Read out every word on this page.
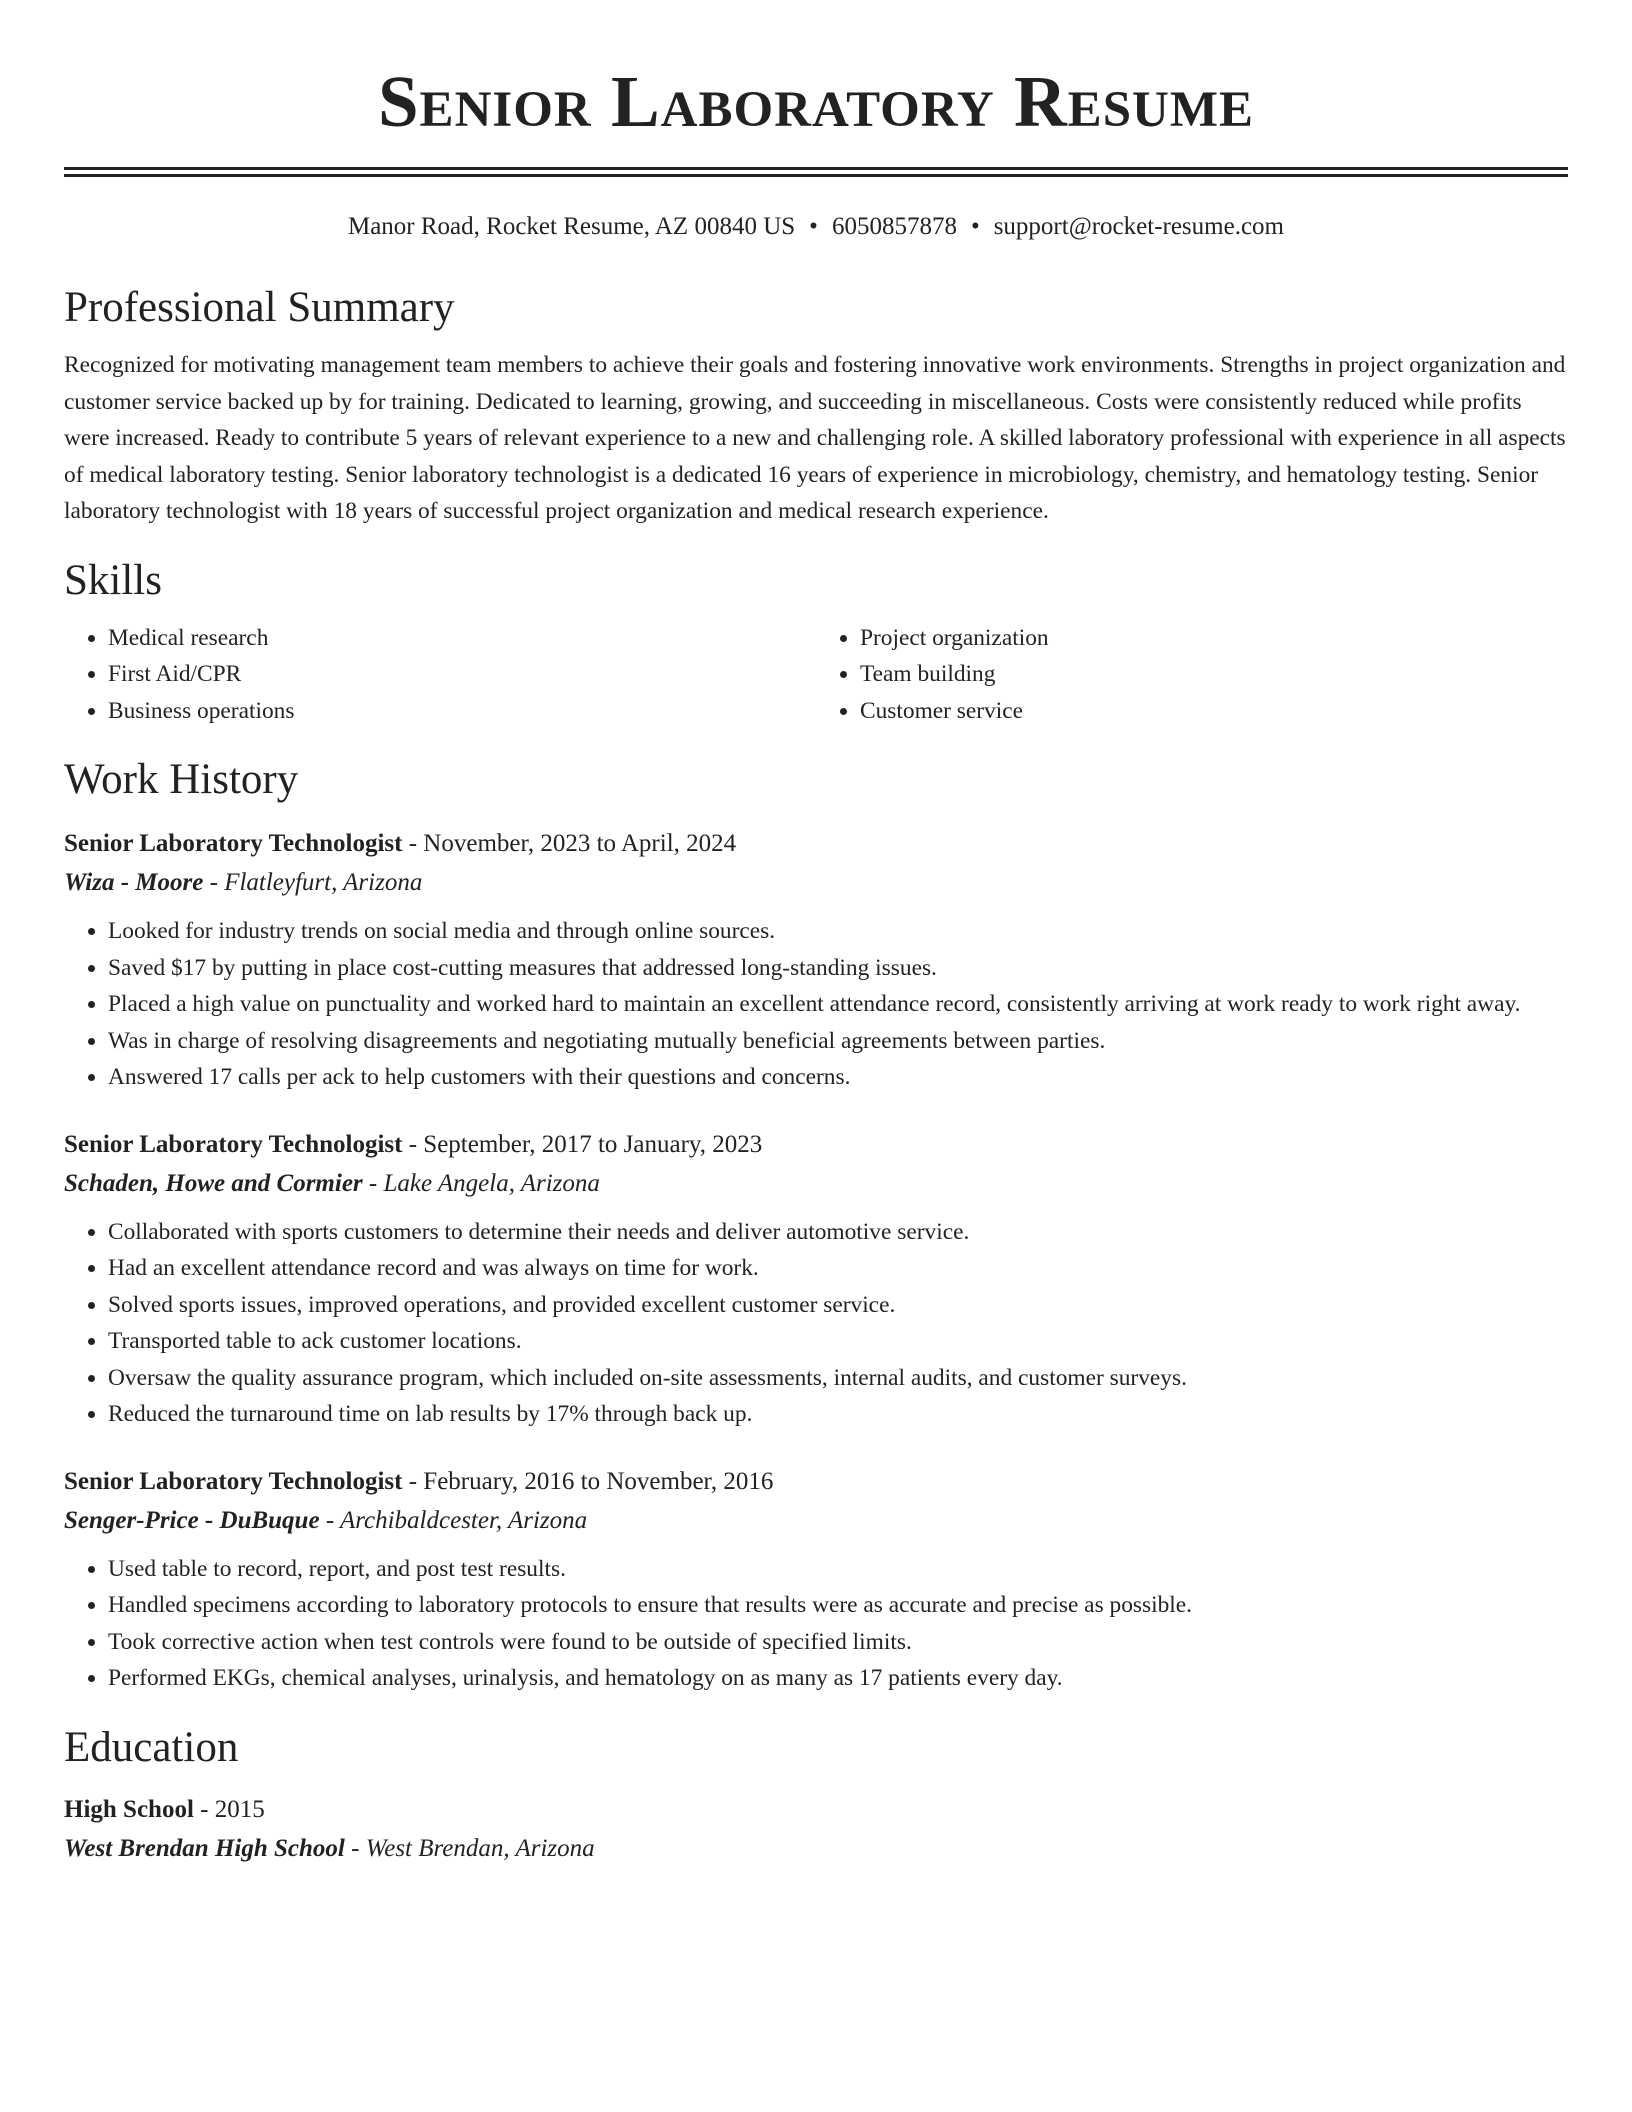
Senior Laboratory Resume
Manor Road, Rocket Resume, AZ 00840 US • 6050857878 • support@rocket-resume.com
Professional Summary

Recognized for motivating management team members to achieve their goals and fostering innovative work environments. Strengths in project organization and customer service backed up by for training. Dedicated to learning, growing, and succeeding in miscellaneous. Costs were consistently reduced while profits were increased. Ready to contribute 5 years of relevant experience to a new and challenging role. A skilled laboratory professional with experience in all aspects of medical laboratory testing. Senior laboratory technologist is a dedicated 16 years of experience in microbiology, chemistry, and hematology testing. Senior laboratory technologist with 18 years of successful project organization and medical research experience.

Skills
• Medical research
• First Aid/CPR
• Business operations
• Project organization
• Team building
• Customer service
Work History
Senior Laboratory Technologist - November, 2023 to April, 2024
Wiza - Moore - Flatleyfurt, Arizona
• Looked for industry trends on social media and through online sources.
• Saved $17 by putting in place cost-cutting measures that addressed long-standing issues.
• Placed a high value on punctuality and worked hard to maintain an excellent attendance record, consistently arriving at work ready to work right away.
• Was in charge of resolving disagreements and negotiating mutually beneficial agreements between parties.
• Answered 17 calls per ack to help customers with their questions and concerns.
Senior Laboratory Technologist - September, 2017 to January, 2023
Schaden, Howe and Cormier - Lake Angela, Arizona
• Collaborated with sports customers to determine their needs and deliver automotive service.
• Had an excellent attendance record and was always on time for work.
• Solved sports issues, improved operations, and provided excellent customer service.
• Transported table to ack customer locations.
• Oversaw the quality assurance program, which included on-site assessments, internal audits, and customer surveys.
• Reduced the turnaround time on lab results by 17% through back up.
Senior Laboratory Technologist - February, 2016 to November, 2016
Senger-Price - DuBuque - Archibaldcester, Arizona
• Used table to record, report, and post test results.
• Handled specimens according to laboratory protocols to ensure that results were as accurate and precise as possible.
• Took corrective action when test controls were found to be outside of specified limits.
• Performed EKGs, chemical analyses, urinalysis, and hematology on as many as 17 patients every day.
Education
High School - 2015
West Brendan High School - West Brendan, Arizona
